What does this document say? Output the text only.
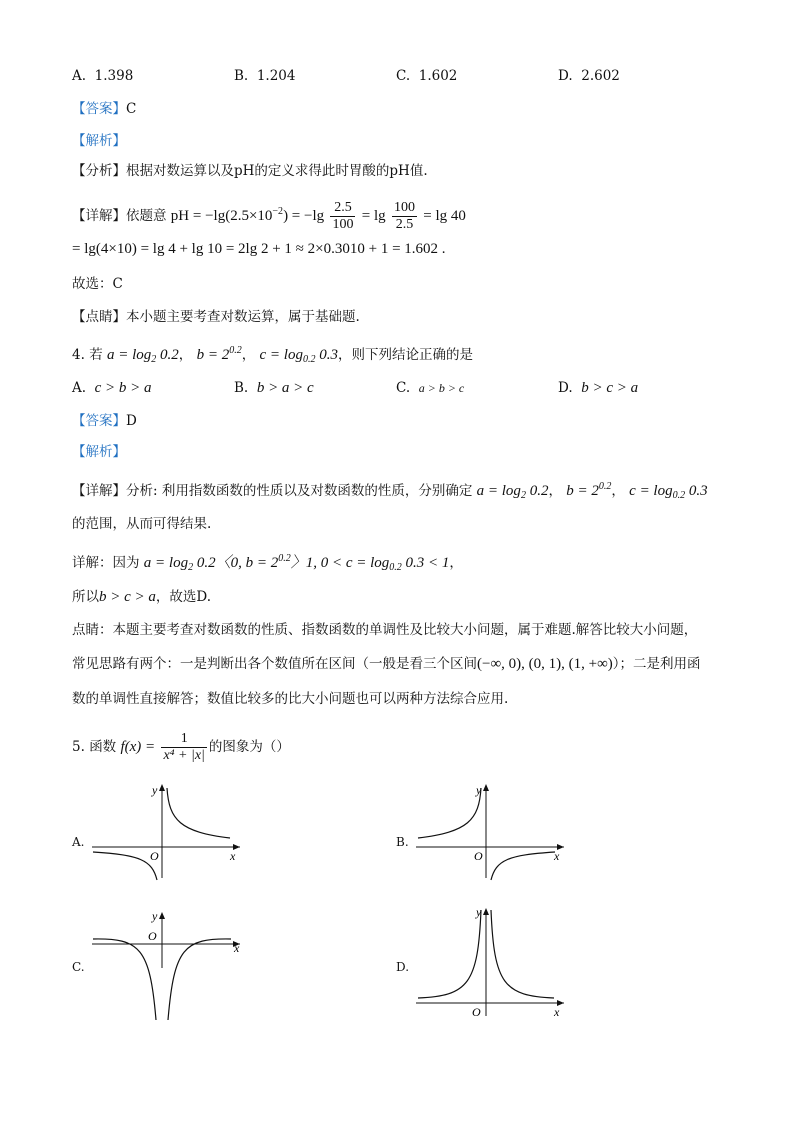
A. 1.398	B. 1.204	C. 1.602	D. 2.602
【答案】C
【解析】
【分析】根据对数运算以及pH的定义求得此时胃酸的pH值.
【详解】依题意 pH = $-\lg(2.5\times 10^{-2}) = -\lg \frac{2.5}{100} = \lg \frac{100}{2.5} = \lg 40$
= lg(4×10) = lg 4 + lg 10 = 2lg 2 + 1 ≈ 2×0.3010 + 1 = 1.602 .
故选：C
【点睛】本小题主要考查对数运算，属于基础题.
4. 若 $a = \log_2 0.2$， $b = 2^{0.2}$， $c = \log_{0.2} 0.3$，则下列结论正确的是
A. c > b > a	B. b > a > c	C. a > b > c	D. b > c > a
【答案】D
【解析】
【详解】分析: 利用指数函数的性质以及对数函数的性质，分别确定 $a = \log_2 0.2$， $b = 2^{0.2}$， $c = \log_{0.2} 0.3$
的范围，从而可得结果.
详解：因为 $a = \log_2 0.2$〈0, $b = 2^{0.2}$〉1, $0 < c = \log_{0.2} 0.3 < 1$，
所以b > c > a，故选D.
点睛：本题主要考查对数函数的性质、指数函数的单调性及比较大小问题，属于难题.解答比较大小问题，
常见思路有两个：一是判断出各个数值所在区间（一般是看三个区间(−∞, 0), (0, 1), (1, +∞)）；二是利用函
数的单调性直接解答；数值比较多的比大小问题也可以两种方法综合应用.
5. 函数 $f(x) = \frac{1}{\text{x⁴ + |x|}}$ 的图象为（）
A.	B.
C.	D.
x
y
O	x
y
O
x
y
O
x
y
O
